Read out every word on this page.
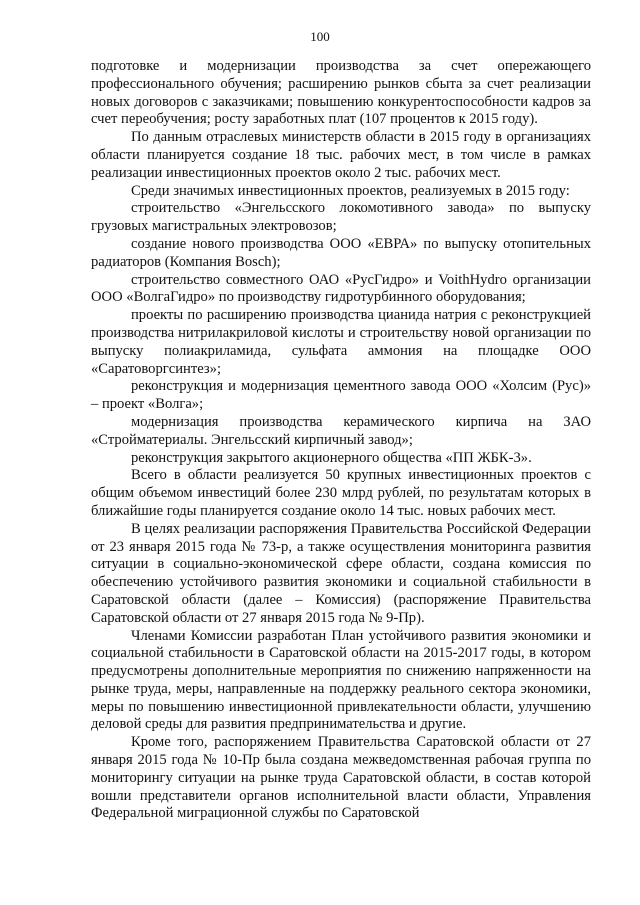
100

подготовке и модернизации производства за счет опережающего профессионального обучения; расширению рынков сбыта за счет реализации новых договоров с заказчиками; повышению конкурентоспособности кадров за счет переобучения; росту заработных плат (107 процентов к 2015 году).

По данным отраслевых министерств области в 2015 году в организациях области планируется создание 18 тыс. рабочих мест, в том числе в рамках реализации инвестиционных проектов около 2 тыс. рабочих мест.

Среди значимых инвестиционных проектов, реализуемых в 2015 году:

строительство «Энгельсского локомотивного завода» по выпуску грузовых магистральных электровозов;

создание нового производства ООО «ЕВРА» по выпуску отопительных радиаторов (Компания Bosch);

строительство совместного ОАО «РусГидро» и VoithHydro организации ООО «ВолгаГидро» по производству гидротурбинного оборудования;

проекты по расширению производства цианида натрия с реконструкцией производства нитрилакриловой кислоты и строительству новой организации по выпуску полиакриламида, сульфата аммония на площадке ООО «Саратоворгсинтез»;

реконструкция и модернизация цементного завода ООО «Холсим (Рус)» – проект «Волга»;

модернизация производства керамического кирпича на ЗАО «Стройматериалы. Энгельсский кирпичный завод»;

реконструкция закрытого акционерного общества «ПП ЖБК-3».

Всего в области реализуется 50 крупных инвестиционных проектов с общим объемом инвестиций более 230 млрд рублей, по результатам которых в ближайшие годы планируется создание около 14 тыс. новых рабочих мест.

В целях реализации распоряжения Правительства Российской Федерации от 23 января 2015 года № 73-р, а также осуществления мониторинга развития ситуации в социально-экономической сфере области, создана комиссия по обеспечению устойчивого развития экономики и социальной стабильности в Саратовской области (далее – Комиссия) (распоряжение Правительства Саратовской области от 27 января 2015 года № 9-Пр).

Членами Комиссии разработан План устойчивого развития экономики и социальной стабильности в Саратовской области на 2015-2017 годы, в котором предусмотрены дополнительные мероприятия по снижению напряженности на рынке труда, меры, направленные на поддержку реального сектора экономики, меры по повышению инвестиционной привлекательности области, улучшению деловой среды для развития предпринимательства и другие.

Кроме того, распоряжением Правительства Саратовской области от 27 января 2015 года № 10-Пр была создана межведомственная рабочая группа по мониторингу ситуации на рынке труда Саратовской области, в состав которой вошли представители органов исполнительной власти области, Управления Федеральной миграционной службы по Саратовской
